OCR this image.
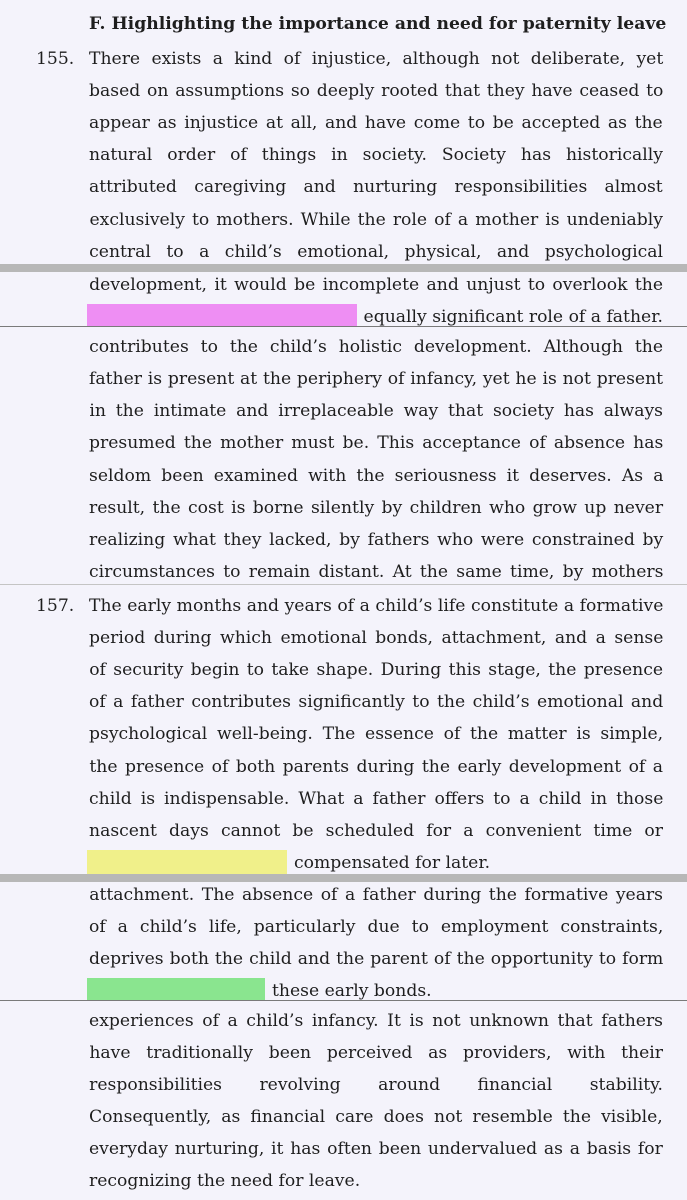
F. Highlighting the importance and need for paternity leave
155. There exists a kind of injustice, although not deliberate, yet
based on assumptions so deeply rooted that they have ceased to
appear as injustice at all, and have come to be accepted as the
natural order of things in society. Society has historically
attributed caregiving and nurturing responsibilities almost
exclusively to mothers. While the role of a mother is undeniably
central to a child’s emotional, physical, and psychological
development, it would be incomplete and unjust to overlook the
equally significant role of a father.
contributes to the child’s holistic development. Although the
father is present at the periphery of infancy, yet he is not present
in the intimate and irreplaceable way that society has always
presumed the mother must be. This acceptance of absence has
seldom been examined with the seriousness it deserves. As a
result, the cost is borne silently by children who grow up never
realizing what they lacked, by fathers who were constrained by
circumstances to remain distant. At the same time, by mothers
157. The early months and years of a child’s life constitute a formative
period during which emotional bonds, attachment, and a sense
of security begin to take shape. During this stage, the presence
of a father contributes significantly to the child’s emotional and
psychological well-being. The essence of the matter is simple,
the presence of both parents during the early development of a
child is indispensable. What a father offers to a child in those
nascent days cannot be scheduled for a convenient time or
compensated for later.
attachment. The absence of a father during the formative years
of a child’s life, particularly due to employment constraints,
deprives both the child and the parent of the opportunity to form
these early bonds.
experiences of a child’s infancy. It is not unknown that fathers
have traditionally been perceived as providers, with their
responsibilities revolving around financial stability.
Consequently, as financial care does not resemble the visible,
everyday nurturing, it has often been undervalued as a basis for
recognizing the need for leave.
